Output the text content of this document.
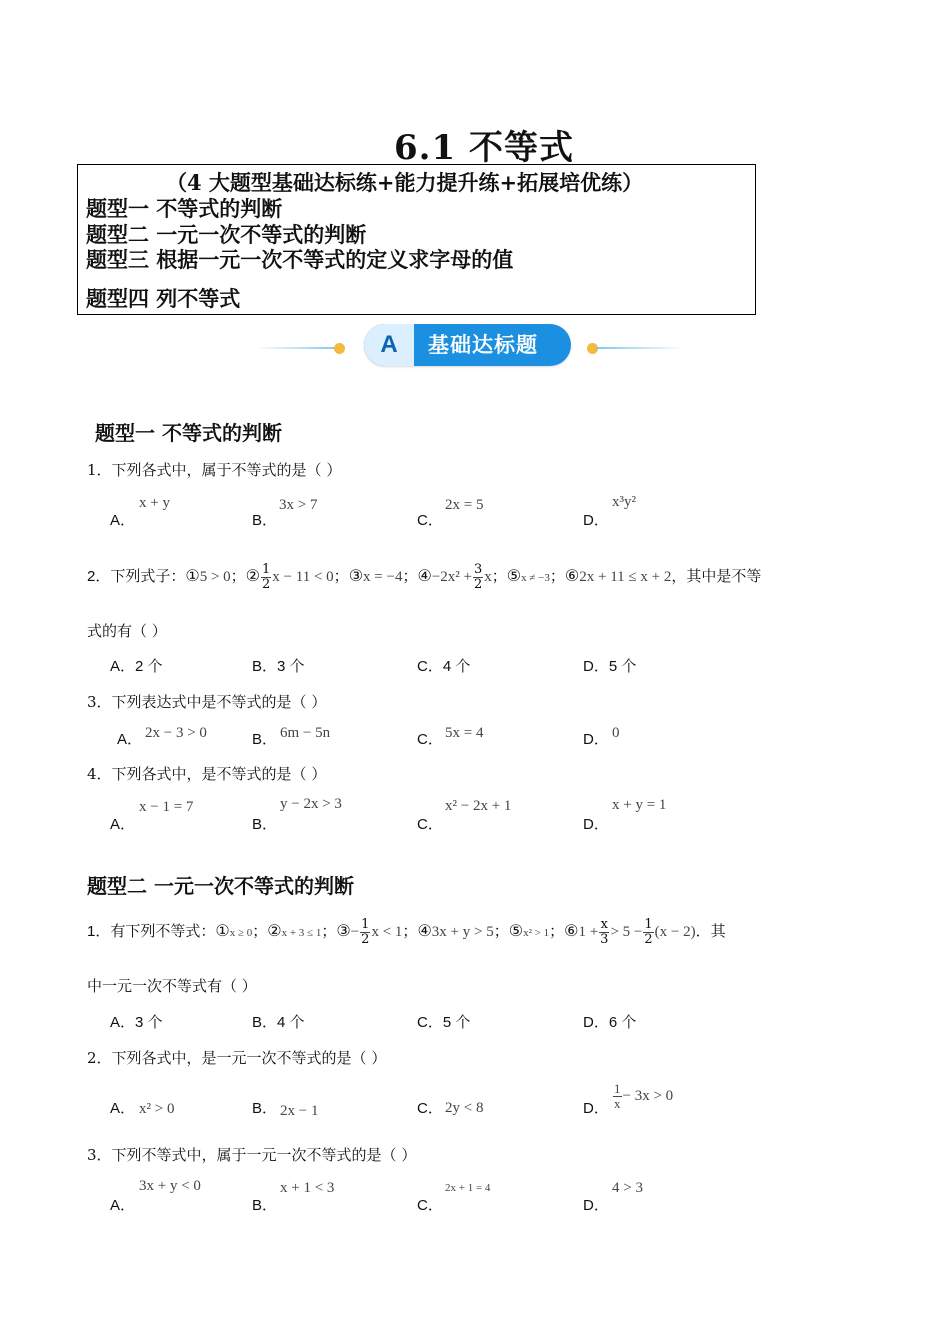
6.1 不等式
（4 大题型基础达标练+能力提升练+拓展培优练）
题型一 不等式的判断
题型二 一元一次不等式的判断
题型三 根据一元一次不等式的定义求字母的值
题型四 列不等式
A	基础达标题
题型一 不等式的判断
1．下列各式中，属于不等式的是（ ）
A．
x + y
B．
3x > 7
C．
2x = 5
D．
x³y²
2．下列式子：①5 > 0；② $\frac{1}{2}$ x − 11 < 0；③x = −4；④−2x² + $\frac{3}{2}$ x；⑤x ≠ −3；⑥2x + 11 ≤ x + 2，其中是不等
式的有（ ）
A．2 个	B．3 个	C．4 个	D．5 个
3．下列表达式中是不等式的是（ ）
A． 2x − 3 > 0	B． 6m − 5n	C． 5x = 4	D． 0
4．下列各式中，是不等式的是（ ）
A．
x − 1 = 7
B．
y − 2x > 3
C．
x² − 2x + 1
D．
x + y = 1
题型二 一元一次不等式的判断
1．有下列不等式：①x ≥ 0；②x + 3 ≤ 1；③− $\frac{1}{2}$ x < 1；④3x + y > 5；⑤x² > 1；⑥1 + $\frac{x}{3} > 5 - \frac{1}{2} (x - 2)$．其
中一元一次不等式有（ ）
A．3 个	B．4 个	C．5 个	D．6 个
2．下列各式中，是一元一次不等式的是（ ）
A． x² > 0	B． 2x − 1	C． 2y < 8	D． $\frac{1}{x} - 3x > 0$
3．下列不等式中，属于一元一次不等式的是（ ）
A．
3x + y < 0
B．
x + 1 < 3
C．
2x + 1 = 4
D．
4 > 3
